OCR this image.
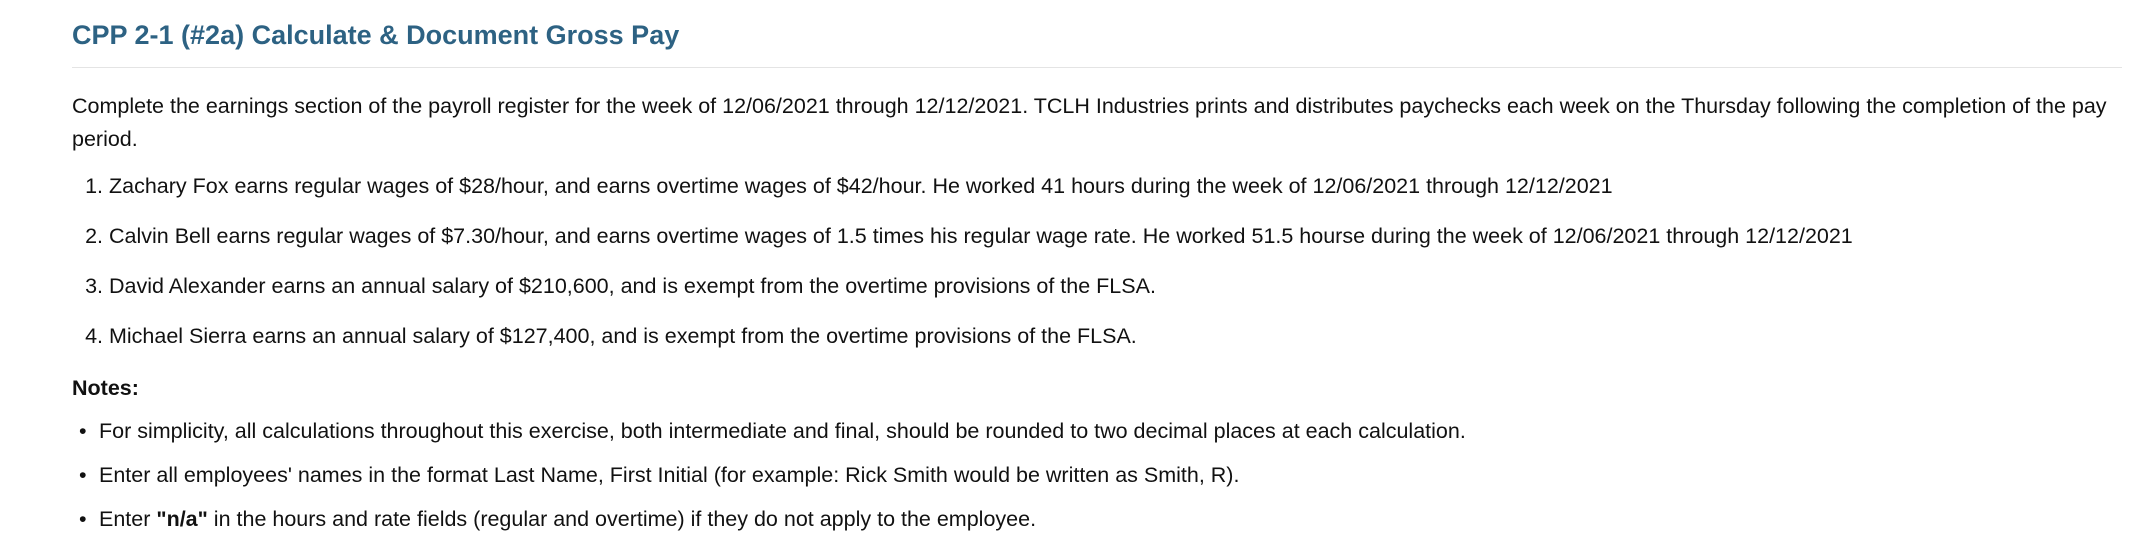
CPP 2-1 (#2a) Calculate & Document Gross Pay

Complete the earnings section of the payroll register for the week of 12/06/2021 through 12/12/2021. TCLH Industries prints and distributes paychecks each week on the Thursday following the completion of the pay period.

1. Zachary Fox earns regular wages of $28/hour, and earns overtime wages of $42/hour. He worked 41 hours during the week of 12/06/2021 through 12/12/2021
2. Calvin Bell earns regular wages of $7.30/hour, and earns overtime wages of 1.5 times his regular wage rate. He worked 51.5 hourse during the week of 12/06/2021 through 12/12/2021
3. David Alexander earns an annual salary of $210,600, and is exempt from the overtime provisions of the FLSA.
4. Michael Sierra earns an annual salary of $127,400, and is exempt from the overtime provisions of the FLSA.

Notes:

• For simplicity, all calculations throughout this exercise, both intermediate and final, should be rounded to two decimal places at each calculation.
• Enter all employees' names in the format Last Name, First Initial (for example: Rick Smith would be written as Smith, R).
• Enter "n/a" in the hours and rate fields (regular and overtime) if they do not apply to the employee.
